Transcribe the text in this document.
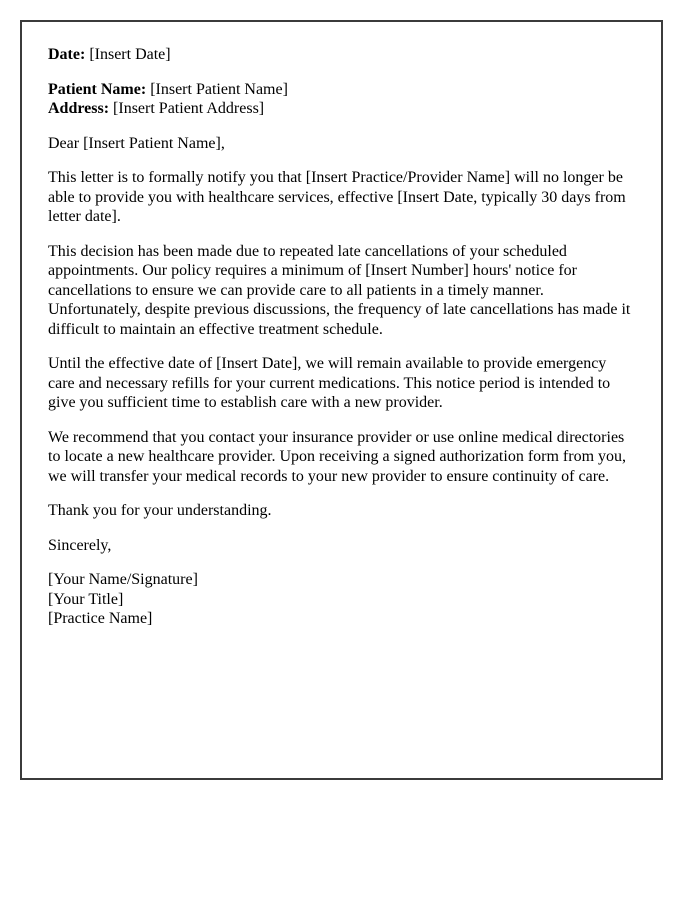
Date: [Insert Date]

Patient Name: [Insert Patient Name]
Address: [Insert Patient Address]

Dear [Insert Patient Name],

This letter is to formally notify you that [Insert Practice/Provider Name] will no longer be
able to provide you with healthcare services, effective [Insert Date, typically 30 days from
letter date].

This decision has been made due to repeated late cancellations of your scheduled
appointments. Our policy requires a minimum of [Insert Number] hours' notice for
cancellations to ensure we can provide care to all patients in a timely manner.
Unfortunately, despite previous discussions, the frequency of late cancellations has made it
difficult to maintain an effective treatment schedule.

Until the effective date of [Insert Date], we will remain available to provide emergency
care and necessary refills for your current medications. This notice period is intended to
give you sufficient time to establish care with a new provider.

We recommend that you contact your insurance provider or use online medical directories
to locate a new healthcare provider. Upon receiving a signed authorization form from you,
we will transfer your medical records to your new provider to ensure continuity of care.

Thank you for your understanding.

Sincerely,

[Your Name/Signature]
[Your Title]
[Practice Name]
